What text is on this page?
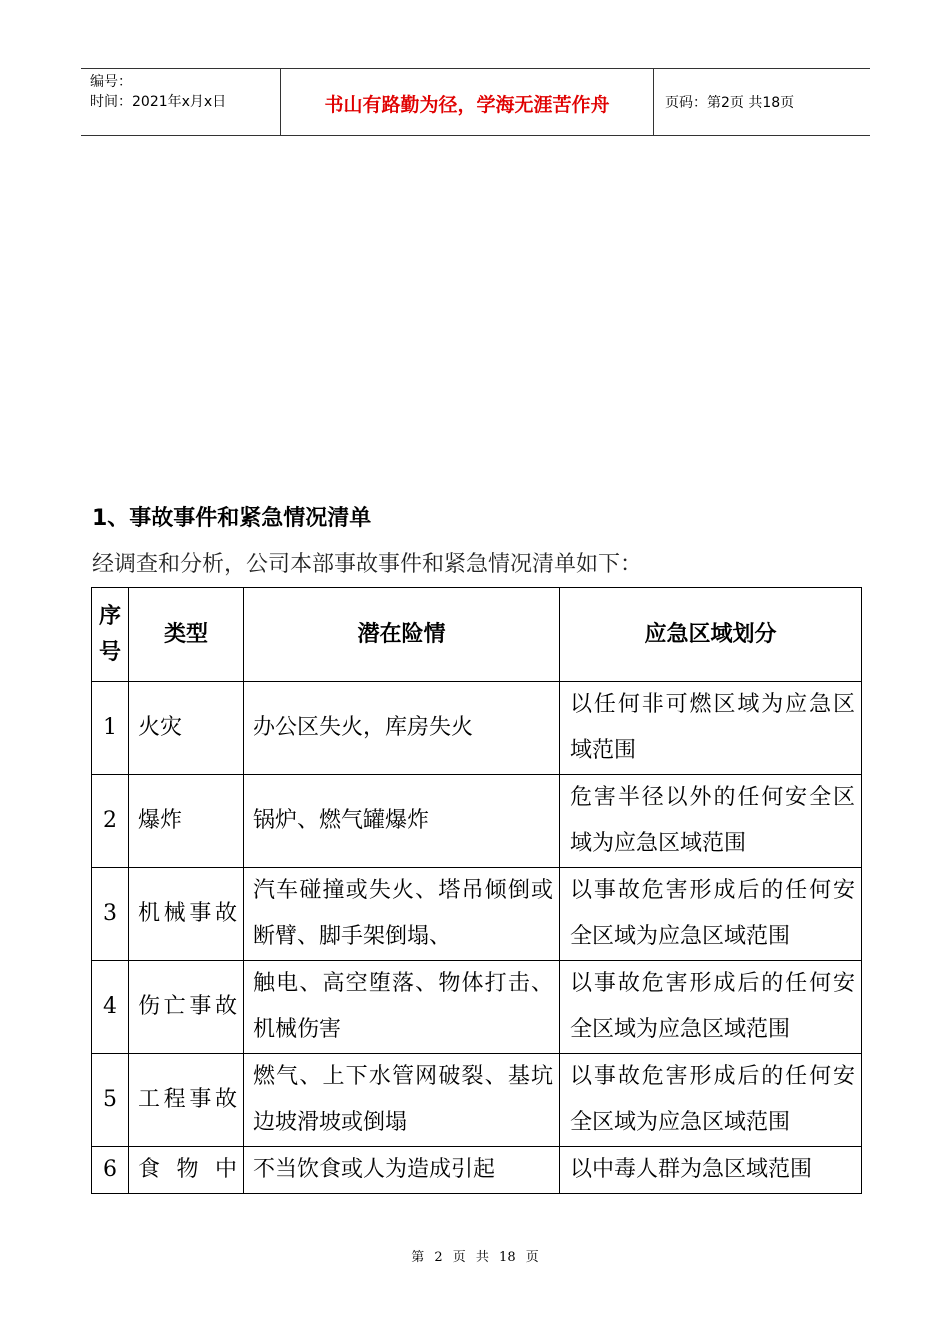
编号：
时间：2021年x月x日	书山有路勤为径，学海无涯苦作舟	页码：第2页 共18页
1、事故事件和紧急情况清单
经调查和分析，公司本部事故事件和紧急情况清单如下：
序号	类型	潜在险情	应急区域划分
1	火灾	办公区失火，库房失火	以任何非可燃区域为应急区域范围
2	爆炸	锅炉、燃气罐爆炸	危害半径以外的任何安全区域为应急区域范围
3	机械事故	汽车碰撞或失火、塔吊倾倒或断臂、脚手架倒塌、	以事故危害形成后的任何安全区域为应急区域范围
4	伤亡事故	触电、高空堕落、物体打击、机械伤害	以事故危害形成后的任何安全区域为应急区域范围
5	工程事故	燃气、上下水管网破裂、基坑边坡滑坡或倒塌	以事故危害形成后的任何安全区域为应急区域范围
6	食物中	不当饮食或人为造成引起	以中毒人群为急区域范围
第 2 页 共 18 页
